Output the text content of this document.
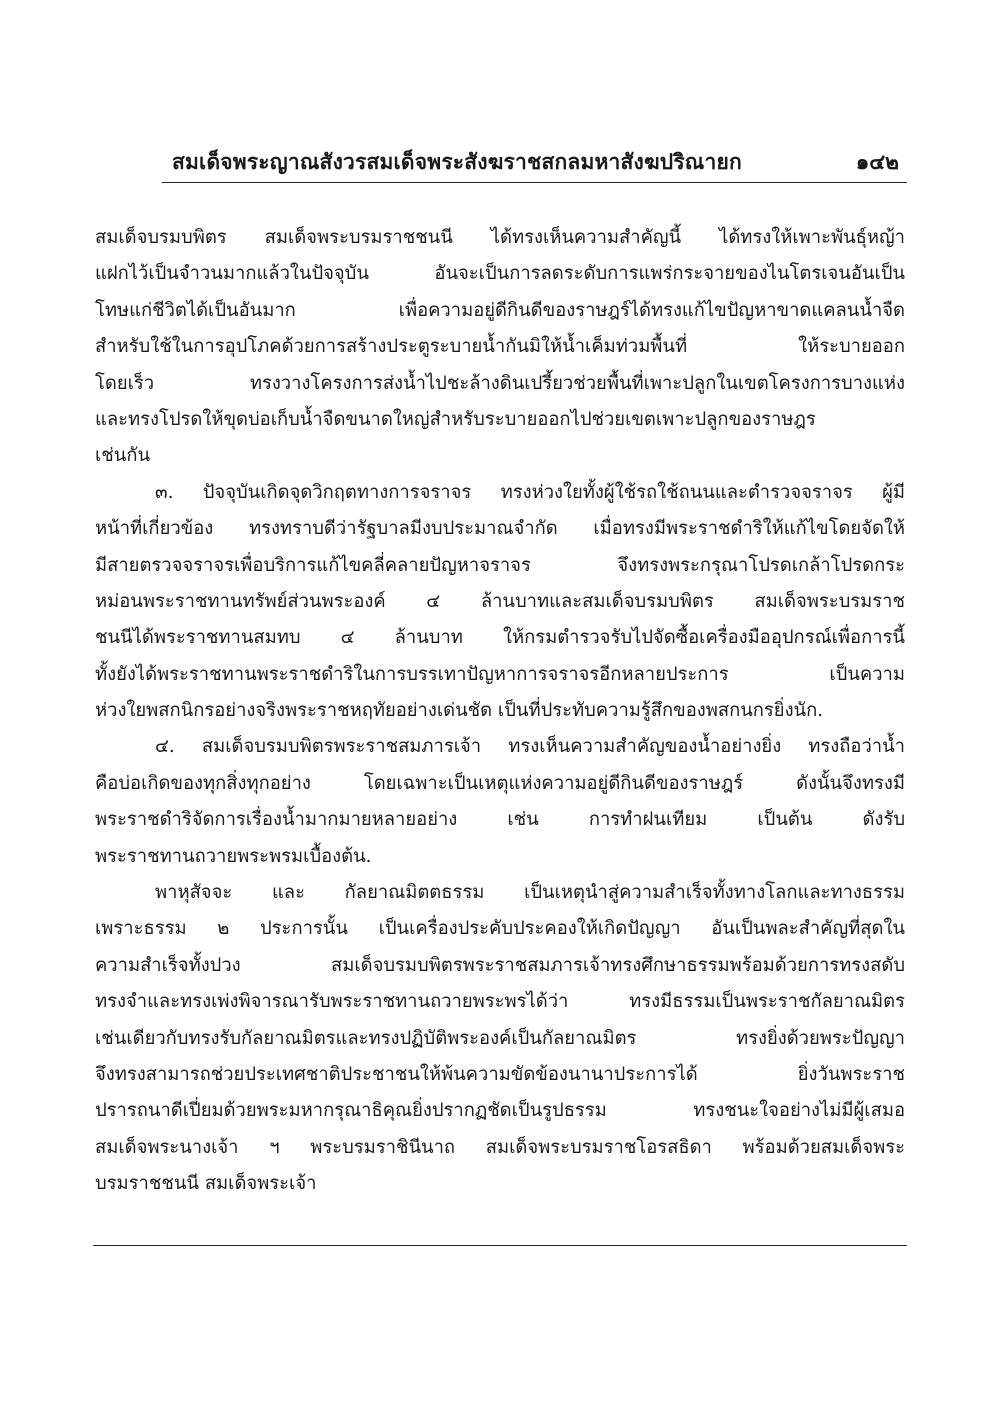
สมเด็จพระญาณสังวรสมเด็จพระสังฆราชสกลมหาสังฆปริณายก	๑๔๒
สมเด็จบรมบพิตร สมเด็จพระบรมราชชนนี ได้ทรงเห็นความสำคัญนี้ ได้ทรงให้เพาะพันธุ์หญ้า
แฝกไว้เป็นจำวนมากแล้วในปัจจุบัน อันจะเป็นการลดระดับการแพร่กระจายของไนโตรเจนอันเป็น
โทษแก่ชีวิตได้เป็นอันมาก เพื่อความอยู่ดีกินดีของราษฎร์ได้ทรงแก้ไขปัญหาขาดแคลนน้ำจืด
สำหรับใช้ในการอุปโภคด้วยการสร้างประตูระบายน้ำกันมิให้น้ำเค็มท่วมพื้นที่ ให้ระบายออก
โดยเร็ว ทรงวางโครงการส่งน้ำไปชะล้างดินเปรี้ยวช่วยพื้นที่เพาะปลูกในเขตโครงการบางแห่ง
และทรงโปรดให้ขุดบ่อเก็บน้ำจืดขนาดใหญ่สำหรับระบายออกไปช่วยเขตเพาะปลูกของราษฎร
เช่นกัน
๓. ปัจจุบันเกิดจุดวิกฤตทางการจราจร ทรงห่วงใยทั้งผู้ใช้รถใช้ถนนและตำรวจจราจร ผู้มี
หน้าที่เกี่ยวข้อง ทรงทราบดีว่ารัฐบาลมีงบประมาณจำกัด เมื่อทรงมีพระราชดำริให้แก้ไขโดยจัดให้
มีสายตรวจจราจรเพื่อบริการแก้ไขคลี่คลายปัญหาจราจร จึงทรงพระกรุณาโปรดเกล้าโปรดกระ
หม่อนพระราชทานทรัพย์ส่วนพระองค์ ๔ ล้านบาทและสมเด็จบรมบพิตร สมเด็จพระบรมราช
ชนนีได้พระราชทานสมทบ ๔ ล้านบาท ให้กรมตำรวจรับไปจัดซื้อเครื่องมืออุปกรณ์เพื่อการนี้
ทั้งยังได้พระราชทานพระราชดำริในการบรรเทาปัญหาการจราจรอีกหลายประการ เป็นความ
ห่วงใยพสกนิกรอย่างจริงพระราชหฤทัยอย่างเด่นชัด เป็นที่ประทับความรู้สึกของพสกนกรยิ่งนัก.
๔. สมเด็จบรมบพิตรพระราชสมภารเจ้า ทรงเห็นความสำคัญของน้ำอย่างยิ่ง ทรงถือว่าน้ำ
คือบ่อเกิดของทุกสิ่งทุกอย่าง โดยเฉพาะเป็นเหตุแห่งความอยู่ดีกินดีของราษฎร์ ดังนั้นจึงทรงมี
พระราชดำริจัดการเรื่องน้ำมากมายหลายอย่าง เช่น การทำฝนเทียม เป็นต้น ดังรับ
พระราชทานถวายพระพรมเบื้องต้น.
พาหุสัจจะ และ กัลยาณมิตตธรรม เป็นเหตุนำสู่ความสำเร็จทั้งทางโลกและทางธรรม
เพราะธรรม ๒ ประการนั้น เป็นเครื่องประคับประคองให้เกิดปัญญา อันเป็นพละสำคัญที่สุดใน
ความสำเร็จทั้งปวง สมเด็จบรมบพิตรพระราชสมภารเจ้าทรงศึกษาธรรมพร้อมด้วยการทรงสดับ
ทรงจำและทรงเพ่งพิจารณารับพระราชทานถวายพระพรได้ว่า ทรงมีธรรมเป็นพระราชกัลยาณมิตร
เช่นเดียวกับทรงรับกัลยาณมิตรและทรงปฏิบัติพระองค์เป็นกัลยาณมิตร ทรงยิ่งด้วยพระปัญญา
จึงทรงสามารถช่วยประเทศชาติประชาชนให้พ้นความขัดข้องนานาประการได้ ยิ่งวันพระราช
ปรารถนาดีเปี่ยมด้วยพระมหากรุณาธิคุณยิ่งปรากฏชัดเป็นรูปธรรม ทรงชนะใจอย่างไม่มีผู้เสมอ
สมเด็จพระนางเจ้า ฯ พระบรมราชินีนาถ สมเด็จพระบรมราชโอรสธิดา พร้อมด้วยสมเด็จพระ
บรมราชชนนี สมเด็จพระเจ้า
